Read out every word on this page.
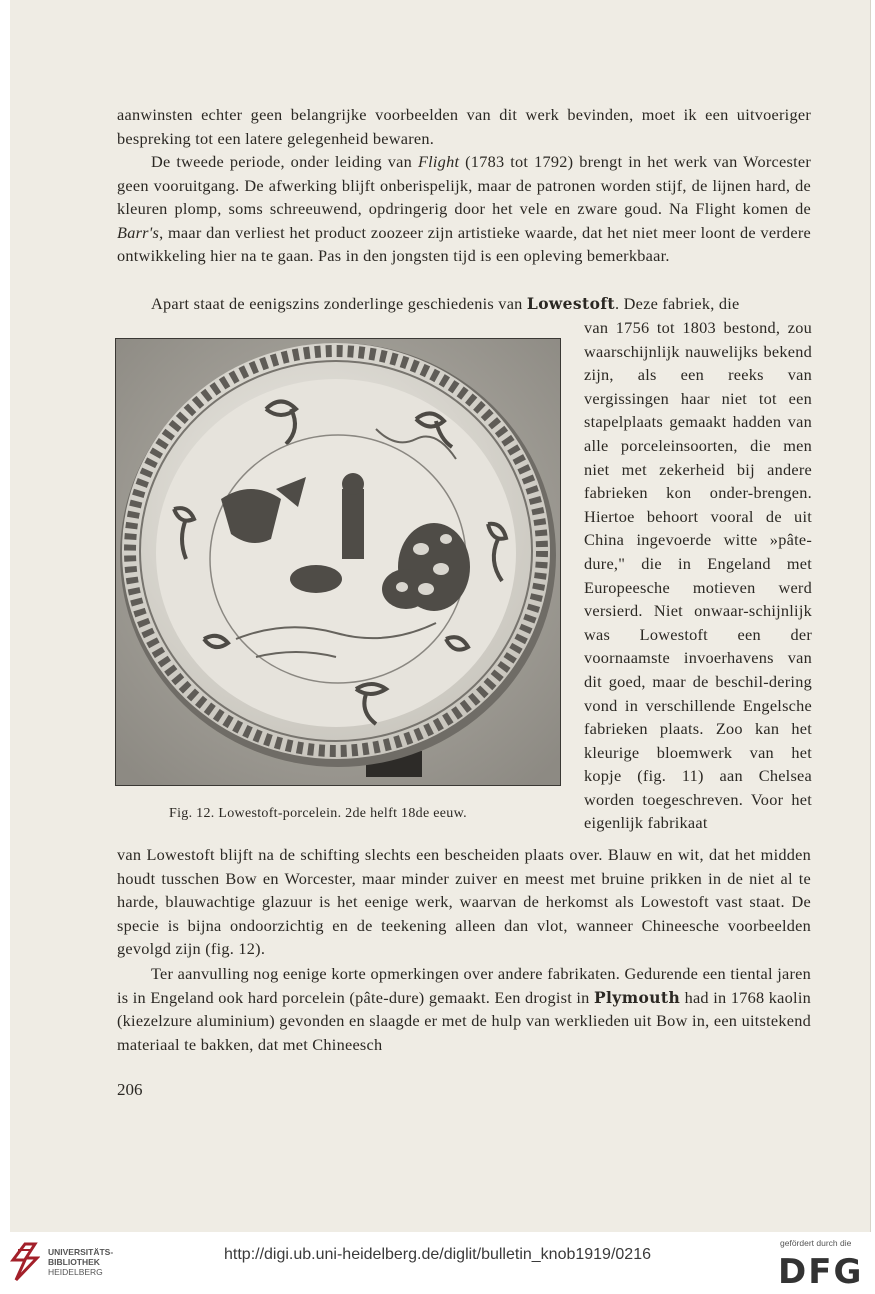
aanwinsten echter geen belangrijke voorbeelden van dit werk bevinden, moet ik een uitvoeriger bespreking tot een latere gelegenheid bewaren.

De tweede periode, onder leiding van Flight (1783 tot 1792) brengt in het werk van Worcester geen vooruitgang. De afwerking blijft onberispelijk, maar de patronen worden stijf, de lijnen hard, de kleuren plomp, soms schreeuwend, opdringerig door het vele en zware goud. Na Flight komen de Barr's, maar dan verliest het product zoozeer zijn artistieke waarde, dat het niet meer loont de verdere ontwikkeling hier na te gaan. Pas in den jongsten tijd is een opleving bemerkbaar.

Apart staat de eenigszins zonderlinge geschiedenis van Lowestoft. Deze fabriek, die

van 1756 tot 1803 bestond, zou waarschijnlijk nauwelijks bekend zijn, als een reeks van vergissingen haar niet tot een stapelplaats gemaakt hadden van alle porceleinsoorten, die men niet met zekerheid bij andere fabrieken kon onder-brengen. Hiertoe behoort vooral de uit China ingevoerde witte »pâte-dure," die in Engeland met Europeesche motieven werd versierd. Niet onwaar-schijnlijk was Lowestoft een der voornaamste invoerhavens van dit goed, maar de beschil-dering vond in verschillende Engelsche fabrieken plaats. Zoo kan het kleurige bloemwerk van het kopje (fig. 11) aan Chelsea worden toegeschreven. Voor het eigenlijk fabrikaat

Fig. 12. Lowestoft-porcelein. 2de helft 18de eeuw.

van Lowestoft blijft na de schifting slechts een bescheiden plaats over. Blauw en wit, dat het midden houdt tusschen Bow en Worcester, maar minder zuiver en meest met bruine prikken in de niet al te harde, blauwachtige glazuur is het eenige werk, waarvan de herkomst als Lowestoft vast staat. De specie is bijna ondoorzichtig en de teekening alleen dan vlot, wanneer Chineesche voorbeelden gevolgd zijn (fig. 12).

Ter aanvulling nog eenige korte opmerkingen over andere fabrikaten. Gedurende een tiental jaren is in Engeland ook hard porcelein (pâte-dure) gemaakt. Een drogist in Plymouth had in 1768 kaolin (kiezelzure aluminium) gevonden en slaagde er met de hulp van werklieden uit Bow in, een uitstekend materiaal te bakken, dat met Chineesch

206
UNIVERSITÄTS-
BIBLIOTHEK
HEIDELBERG
http://digi.ub.uni-heidelberg.de/diglit/bulletin_knob1919/0216
gefördert durch die
DFG
